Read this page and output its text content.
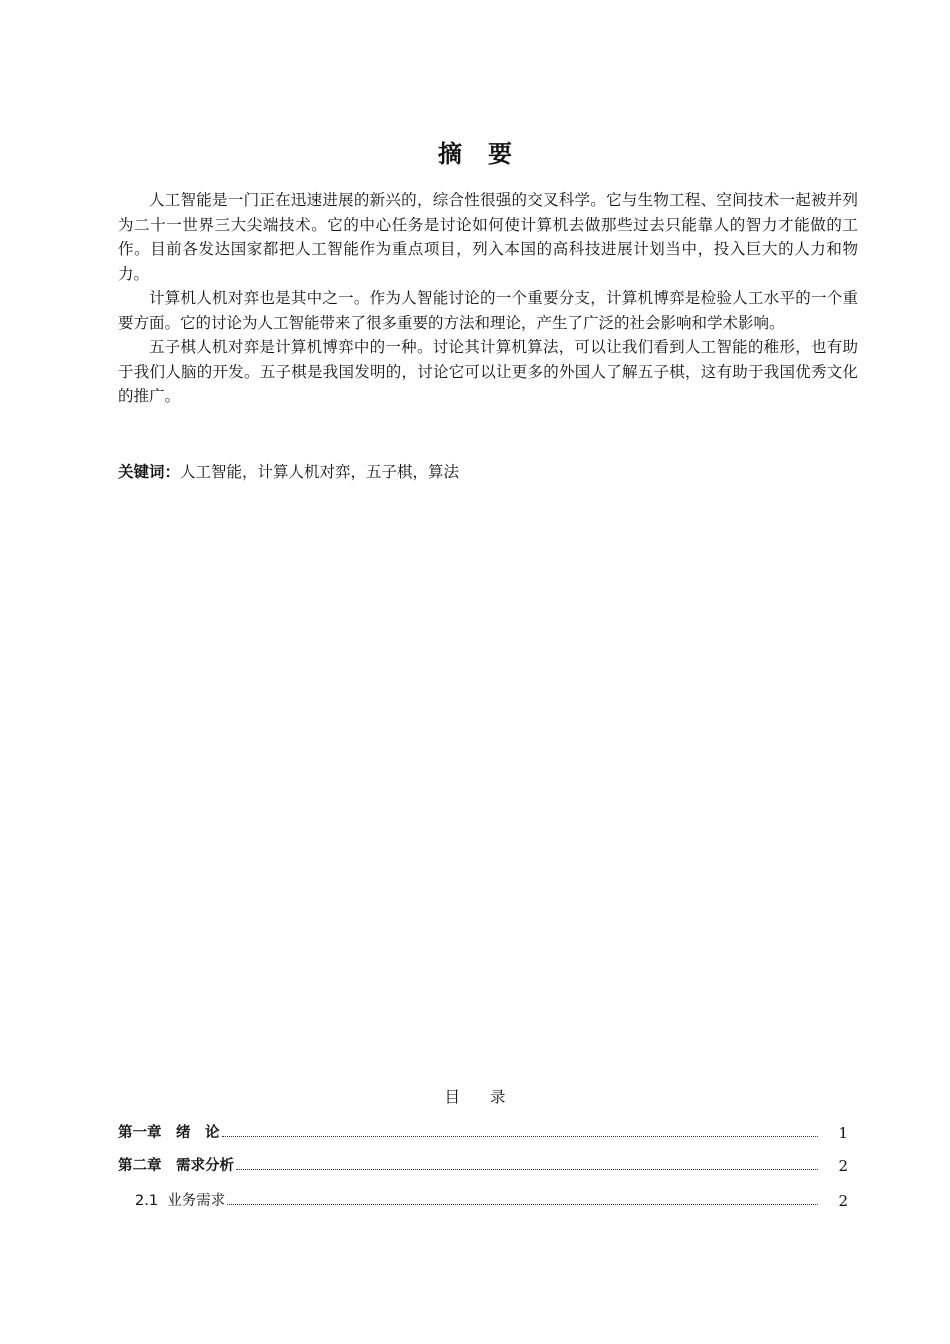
摘要

人工智能是一门正在迅速进展的新兴的，综合性很强的交叉科学。它与生物工程、空间技术一起被并列为二十一世界三大尖端技术。它的中心任务是讨论如何使计算机去做那些过去只能靠人的智力才能做的工作。目前各发达国家都把人工智能作为重点项目，列入本国的高科技进展计划当中，投入巨大的人力和物力。

计算机人机对弈也是其中之一。作为人智能讨论的一个重要分支，计算机博弈是检验人工水平的一个重要方面。它的讨论为人工智能带来了很多重要的方法和理论，产生了广泛的社会影响和学术影响。

五子棋人机对弈是计算机博弈中的一种。讨论其计算机算法，可以让我们看到人工智能的稚形，也有助于我们人脑的开发。五子棋是我国发明的，讨论它可以让更多的外国人了解五子棋，这有助于我国优秀文化的推广。

关键词：人工智能，计算人机对弈，五子棋，算法
目录
第一章　绪　论	1
第二章　需求分析	2
2.1  业务需求	2
